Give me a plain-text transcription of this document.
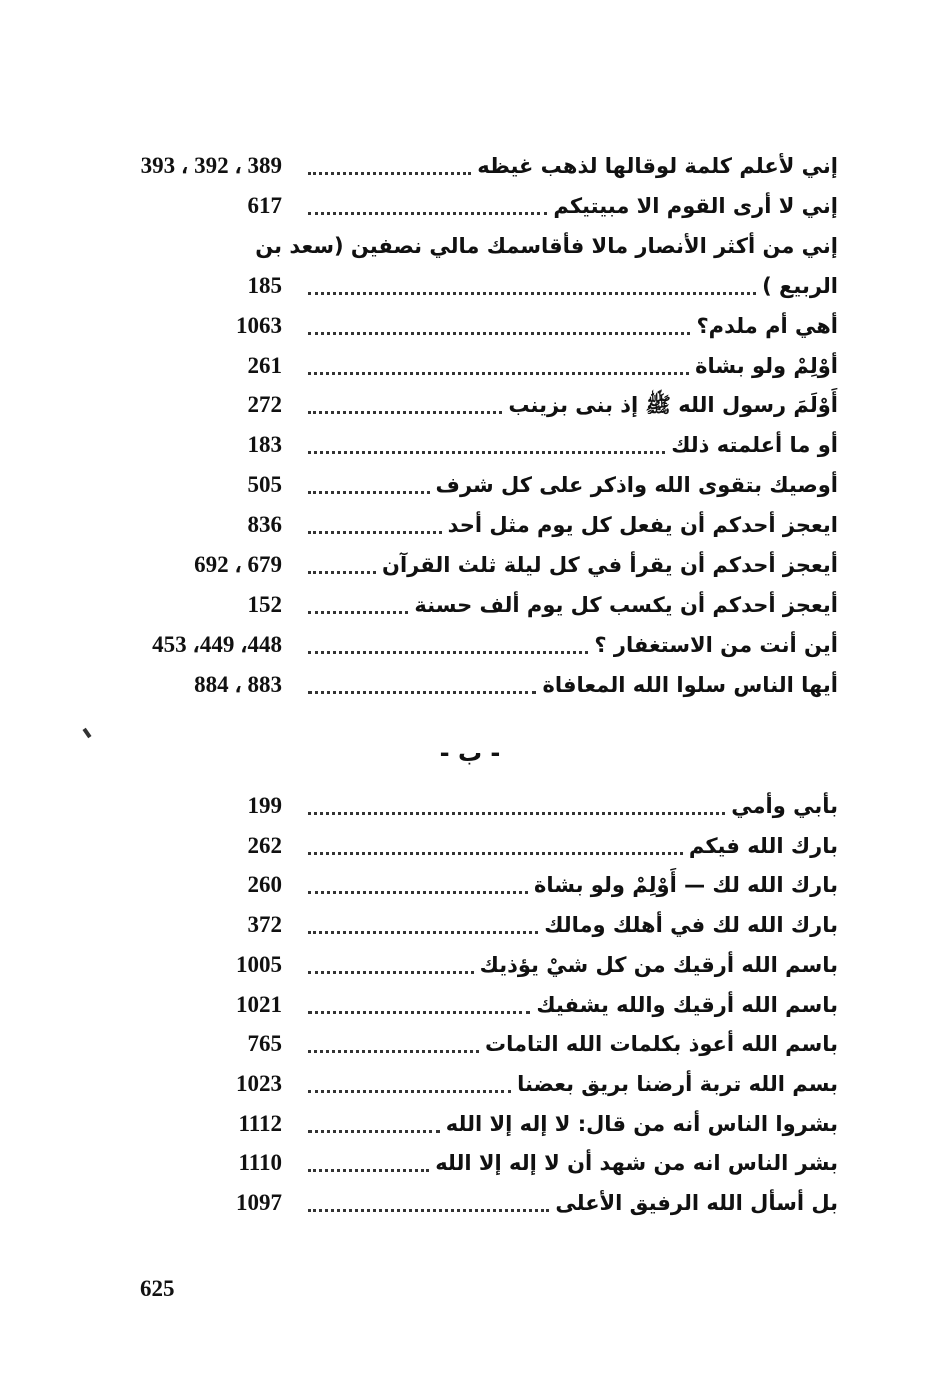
إني لأعلم كلمة لوقالها لذهب غيظه
389 ، 392 ، 393
إني لا أرى القوم الا مبيتيكم
617
إني من أكثر الأنصار مالا فأقاسمك مالي نصفين (سعد بن
الربيع )
185
أهي أم ملدم؟
1063
أوْلِمْ ولو بشاة
261
أَوْلَمَ رسول الله ﷺ إذ بنى بزينب
272
أو ما أعلمته ذلك
183
أوصيك بتقوى الله واذكر على كل شرف
505
ايعجز أحدكم أن يفعل كل يوم مثل أحد
836
أيعجز أحدكم أن يقرأ في كل ليلة ثلث القرآن
679 ، 692
أيعجز أحدكم أن يكسب كل يوم ألف حسنة
152
أين أنت من الاستغفار ؟
448، 449، 453
أيها الناس سلوا الله المعافاة
883 ، 884
- ب -
بأبي وأمي
199
بارك الله فيكم
262
بارك الله لك — أَوْلِمْ ولو بشاة
260
بارك الله لك في أهلك ومالك
372
باسم الله أرقيك من كل شيْ يؤذيك
1005
باسم الله أرقيك والله يشفيك
1021
باسم الله أعوذ بكلمات الله التامات
765
بسم الله تربة أرضنا بريق بعضنا
1023
بشروا الناس أنه من قال: لا إله إلا الله
1112
بشر الناس انه من شهد أن لا إله إلا الله
1110
بل أسأل الله الرفيق الأعلى
1097
625
